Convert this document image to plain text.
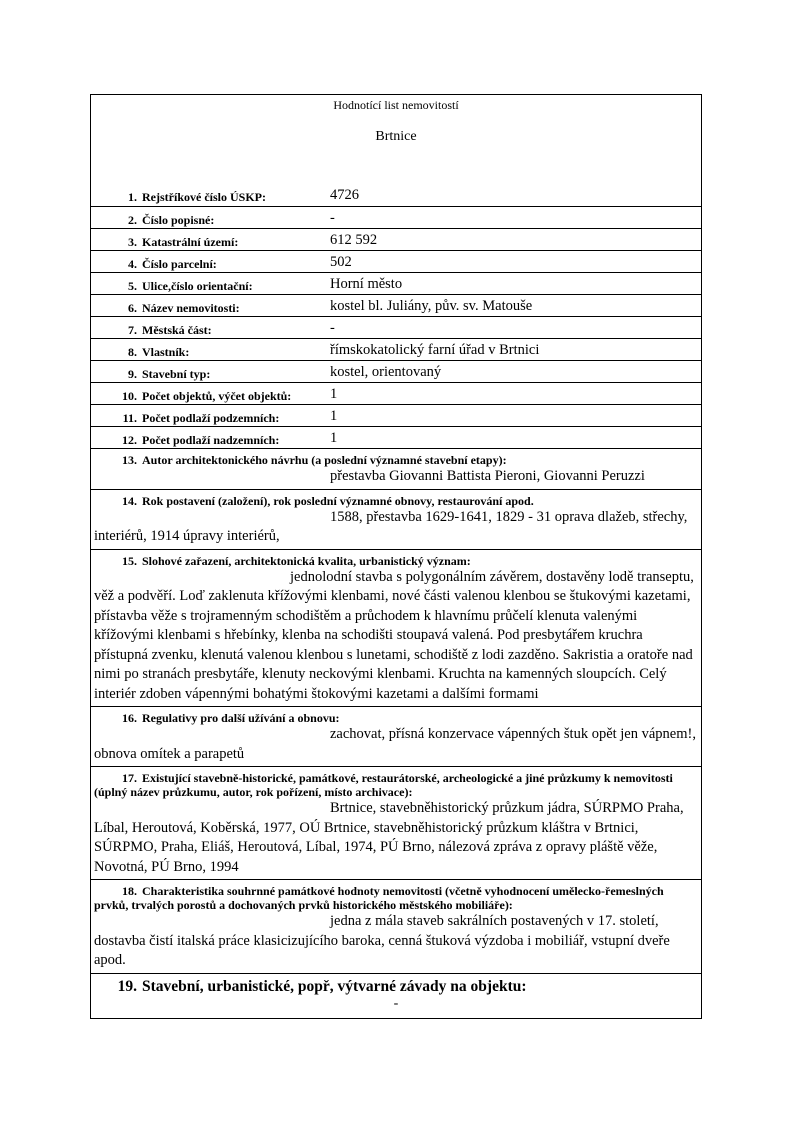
Hodnotící list nemovitostí
Brtnice
1. Rejstříkové číslo ÚSKP:	4726
2. Číslo popisné:	-
3. Katastrální území:	612 592
4. Číslo parcelní:	502
5. Ulice,číslo orientační:	Horní město
6. Název nemovitosti:	kostel bl. Juliány, pův. sv. Matouše
7. Městská část:	-
8. Vlastník:	římskokatolický farní úřad v Brtnici
9. Stavební typ:	kostel, orientovaný
10. Počet objektů, výčet objektů:	1
11. Počet podlaží podzemních:	1
12. Počet podlaží nadzemních:	1
13. Autor architektonického návrhu (a poslední významné stavební etapy):
přestavba Giovanni Battista Pieroni, Giovanni Peruzzi
14. Rok postavení (založení), rok poslední významné obnovy, restaurování apod.
1588, přestavba 1629-1641, 1829 - 31 oprava dlažeb, střechy, interiérů, 1914 úpravy interiérů,
15. Slohové zařazení, architektonická kvalita, urbanistický význam:
jednolodní stavba s polygonálním závěrem, dostavěny lodě transeptu, věž a podvěří. Loď zaklenuta křížovými klenbami, nové části valenou klenbou se štukovými kazetami, přístavba věže s trojramenným schodištěm a průchodem k hlavnímu průčelí klenuta valenými křížovými klenbami s hřebínky, klenba na schodišti stoupavá valená. Pod presbytářem kruchra přístupná zvenku, klenutá valenou klenbou s lunetami, schodiště z lodi zazděno. Sakristia a oratoře nad nimi po stranách presbytáře, klenuty neckovými klenbami. Kruchta na kamenných sloupcích. Celý interiér zdoben vápennými bohatými štokovými kazetami a dalšími formami
16. Regulativy pro další užívání a obnovu:
zachovat, přísná konzervace vápenných štuk opět jen vápnem!, obnova omítek a parapetů
17. Existující stavebně-historické, památkové, restaurátorské, archeologické a jiné průzkumy k nemovitosti (úplný název průzkumu, autor, rok pořízení, místo archivace):
Brtnice, stavebněhistorický průzkum jádra, SÚRPMO Praha, Líbal, Heroutová, Koběrská, 1977, OÚ Brtnice, stavebněhistorický průzkum kláštra v Brtnici, SÚRPMO, Praha, Eliáš, Heroutová, Líbal, 1974, PÚ Brno, nálezová zpráva z opravy pláště věže, Novotná, PÚ Brno, 1994
18. Charakteristika souhrnné památkové hodnoty nemovitosti (včetně vyhodnocení umělecko-řemeslných prvků, trvalých porostů a dochovaných prvků historického městského mobiliáře):
jedna z mála staveb sakrálních postavených v 17. století, dostavba čistí italská práce klasicizujícího baroka, cenná štuková výzdoba i mobiliář, vstupní dveře apod.
19. Stavební, urbanistické, popř, výtvarné závady na objektu:
-
